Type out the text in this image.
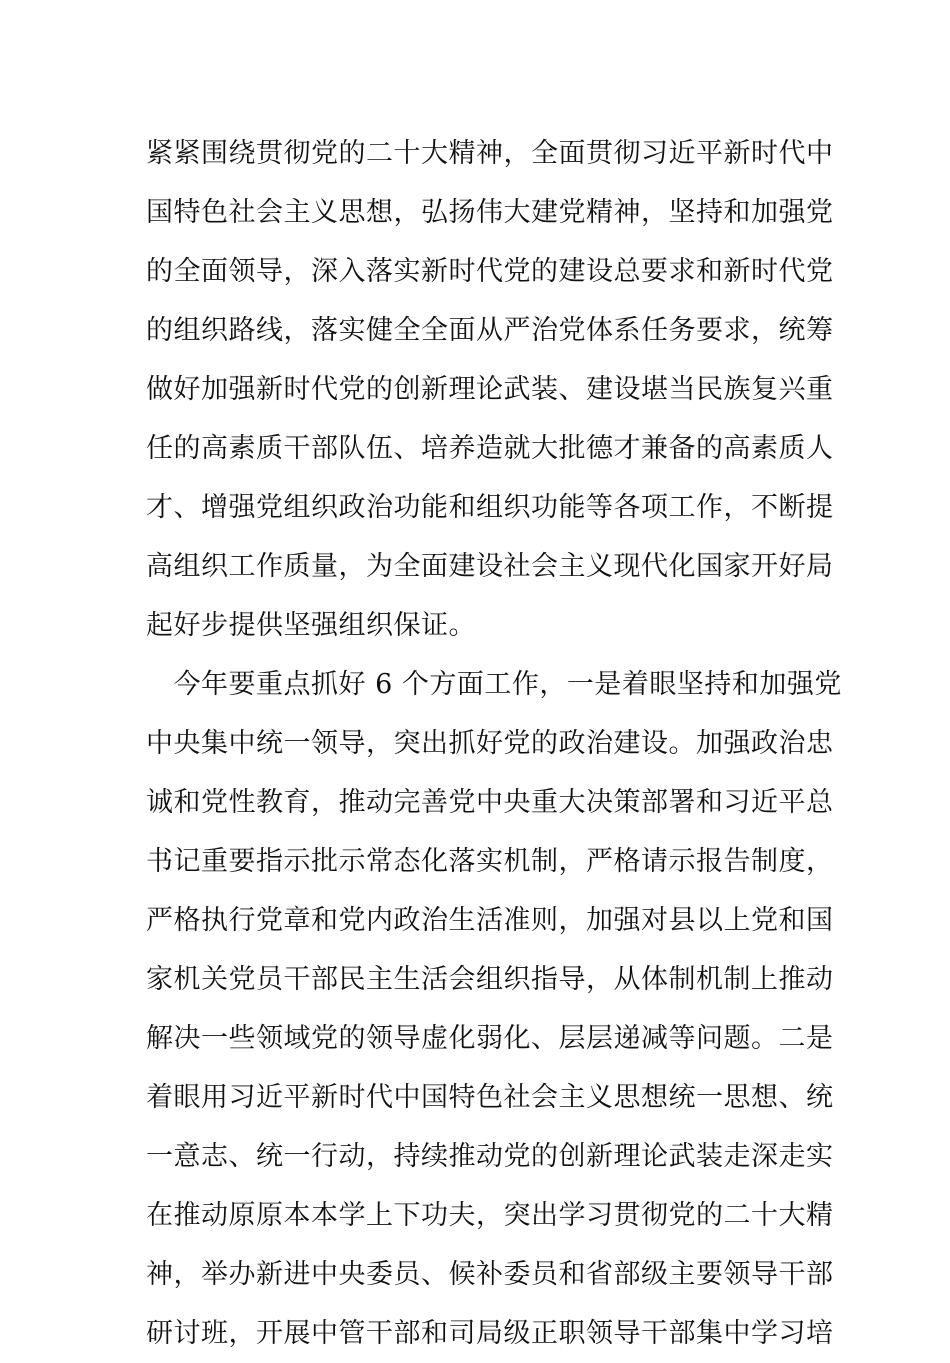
紧紧围绕贯彻党的二十大精神，全面贯彻习近平新时代中
国特色社会主义思想，弘扬伟大建党精神，坚持和加强党
的全面领导，深入落实新时代党的建设总要求和新时代党
的组织路线，落实健全全面从严治党体系任务要求，统筹
做好加强新时代党的创新理论武装、建设堪当民族复兴重
任的高素质干部队伍、培养造就大批德才兼备的高素质人
才、增强党组织政治功能和组织功能等各项工作，不断提
高组织工作质量，为全面建设社会主义现代化国家开好局
起好步提供坚强组织保证。
　今年要重点抓好 6 个方面工作，一是着眼坚持和加强党
中央集中统一领导，突出抓好党的政治建设。加强政治忠
诚和党性教育，推动完善党中央重大决策部署和习近平总
书记重要指示批示常态化落实机制，严格请示报告制度，
严格执行党章和党内政治生活准则，加强对县以上党和国
家机关党员干部民主生活会组织指导，从体制机制上推动
解决一些领域党的领导虚化弱化、层层递减等问题。二是
着眼用习近平新时代中国特色社会主义思想统一思想、统
一意志、统一行动，持续推动党的创新理论武装走深走实
在推动原原本本学上下功夫，突出学习贯彻党的二十大精
神，举办新进中央委员、候补委员和省部级主要领导干部
研讨班，开展中管干部和司局级正职领导干部集中学习培
